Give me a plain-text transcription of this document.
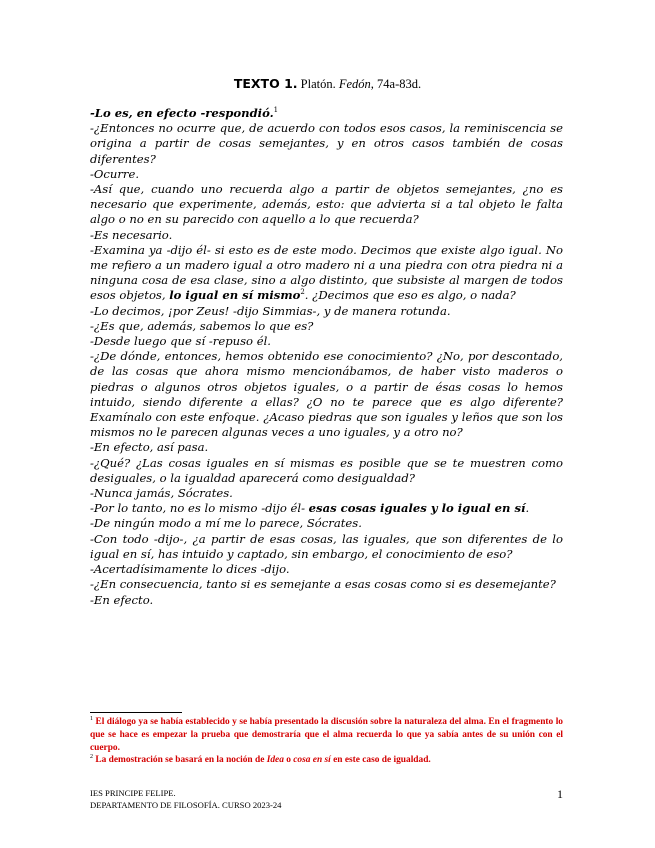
TEXTO 1. Platón. Fedón, 74a-83d.

-Lo es, en efecto -respondió.$^1$

-¿Entonces no ocurre que, de acuerdo con todos esos casos, la reminiscencia se origina a partir de cosas semejantes, y en otros casos también de cosas diferentes?

-Ocurre.

-Así que, cuando uno recuerda algo a partir de objetos semejantes, ¿no es necesario que experimente, además, esto: que advierta si a tal objeto le falta algo o no en su parecido con aquello a lo que recuerda?

-Es necesario.

-Examina ya -dijo él- si esto es de este modo. Decimos que existe algo igual. No me refiero a un madero igual a otro madero ni a una piedra con otra piedra ni a ninguna cosa de esa clase, sino a algo distinto, que subsiste al margen de todos esos objetos, lo igual en sí mismo$^2$. ¿Decimos que eso es algo, o nada?

-Lo decimos, ¡por Zeus! -dijo Simmias-, y de manera rotunda.

-¿Es que, además, sabemos lo que es?

-Desde luego que sí -repuso él.

-¿De dónde, entonces, hemos obtenido ese conocimiento? ¿No, por descontado, de las cosas que ahora mismo mencionábamos, de haber visto maderos o piedras o algunos otros objetos iguales, o a partir de ésas cosas lo hemos intuido, siendo diferente a ellas? ¿O no te parece que es algo diferente? Examínalo con este enfoque. ¿Acaso piedras que son iguales y leños que son los mismos no le parecen algunas veces a uno iguales, y a otro no?

-En efecto, así pasa.

-¿Qué? ¿Las cosas iguales en sí mismas es posible que se te muestren como desiguales, o la igualdad aparecerá como desigualdad?

-Nunca jamás, Sócrates.

-Por lo tanto, no es lo mismo -dijo él- esas cosas iguales y lo igual en sí.

-De ningún modo a mí me lo parece, Sócrates.

-Con todo -dijo-, ¿a partir de esas cosas, las iguales, que son diferentes de lo igual en sí, has intuido y captado, sin embargo, el conocimiento de eso?

-Acertadísimamente lo dices -dijo.

-¿En consecuencia, tanto si es semejante a esas cosas como si es desemejante?

-En efecto.

$^1$ El diálogo ya se había establecido y se había presentado la discusión sobre la naturaleza del alma. En el fragmento lo que se hace es empezar la prueba que demostraría que el alma recuerda lo que ya sabía antes de su unión con el cuerpo.

$^2$ La demostración se basará en la noción de Idea o cosa en sí en este caso de igualdad.

IES PRINCIPE FELIPE.
DEPARTAMENTO DE FILOSOFÍA. CURSO 2023-24
1
